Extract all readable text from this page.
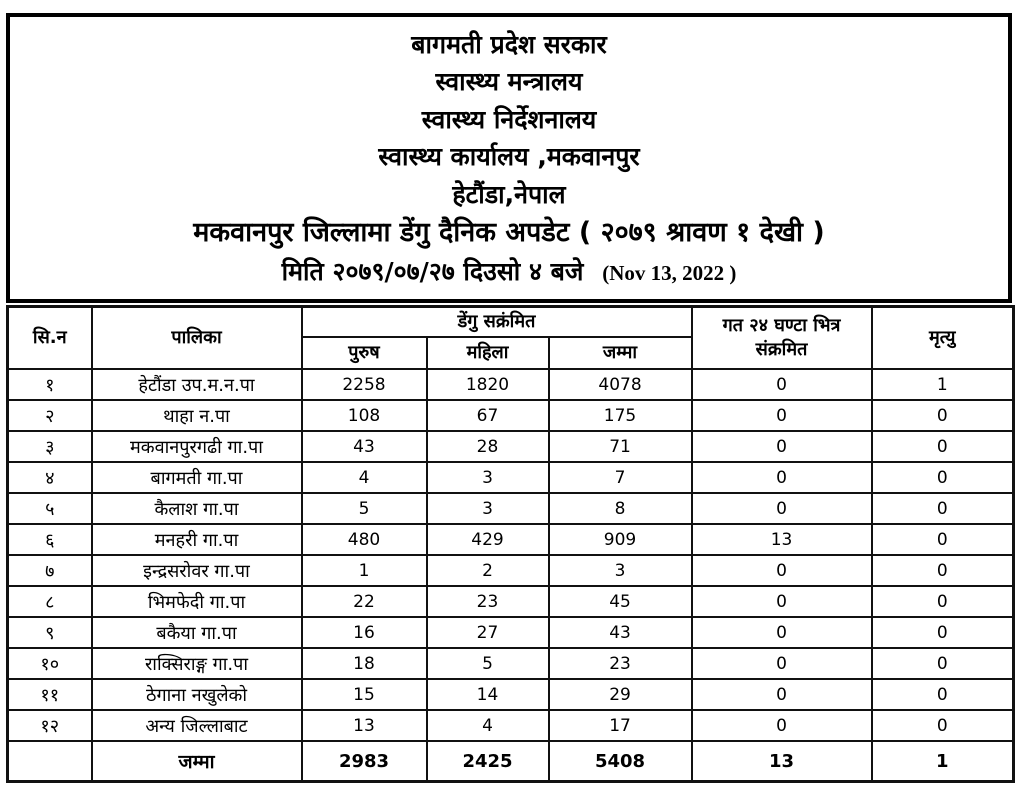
बागमती प्रदेश सरकार
स्वास्थ्य मन्त्रालय
स्वास्थ्य निर्देशनालय
स्वास्थ्य कार्यालय ,मकवानपुर
हेटौंडा,नेपाल
मकवानपुर जिल्लामा डेंगु दैनिक अपडेट ( २०७९ श्रावण १ देखी )
मिति २०७९/०७/२७ दिउसो ४ बजे (Nov 13, 2022 )
सि.न	पालिका	डेंगु सक्रंमित			गत २४ घण्टा भित्र संक्रमित	मृत्यु
		पुरुष	महिला	जम्मा		
१	हेटौंडा उप.म.न.पा	2258	1820	4078	0	1
२	थाहा न.पा	108	67	175	0	0
३	मकवानपुरगढी गा.पा	43	28	71	0	0
४	बागमती गा.पा	4	3	7	0	0
५	कैलाश गा.पा	5	3	8	0	0
६	मनहरी गा.पा	480	429	909	13	0
७	इन्द्रसरोवर गा.पा	1	2	3	0	0
८	भिमफेदी गा.पा	22	23	45	0	0
९	बकैया गा.पा	16	27	43	0	0
१०	राक्सिराङ्ग गा.पा	18	5	23	0	0
११	ठेगाना नखुलेको	15	14	29	0	0
१२	अन्य जिल्लाबाट	13	4	17	0	0
	जम्मा	2983	2425	5408	13	1
